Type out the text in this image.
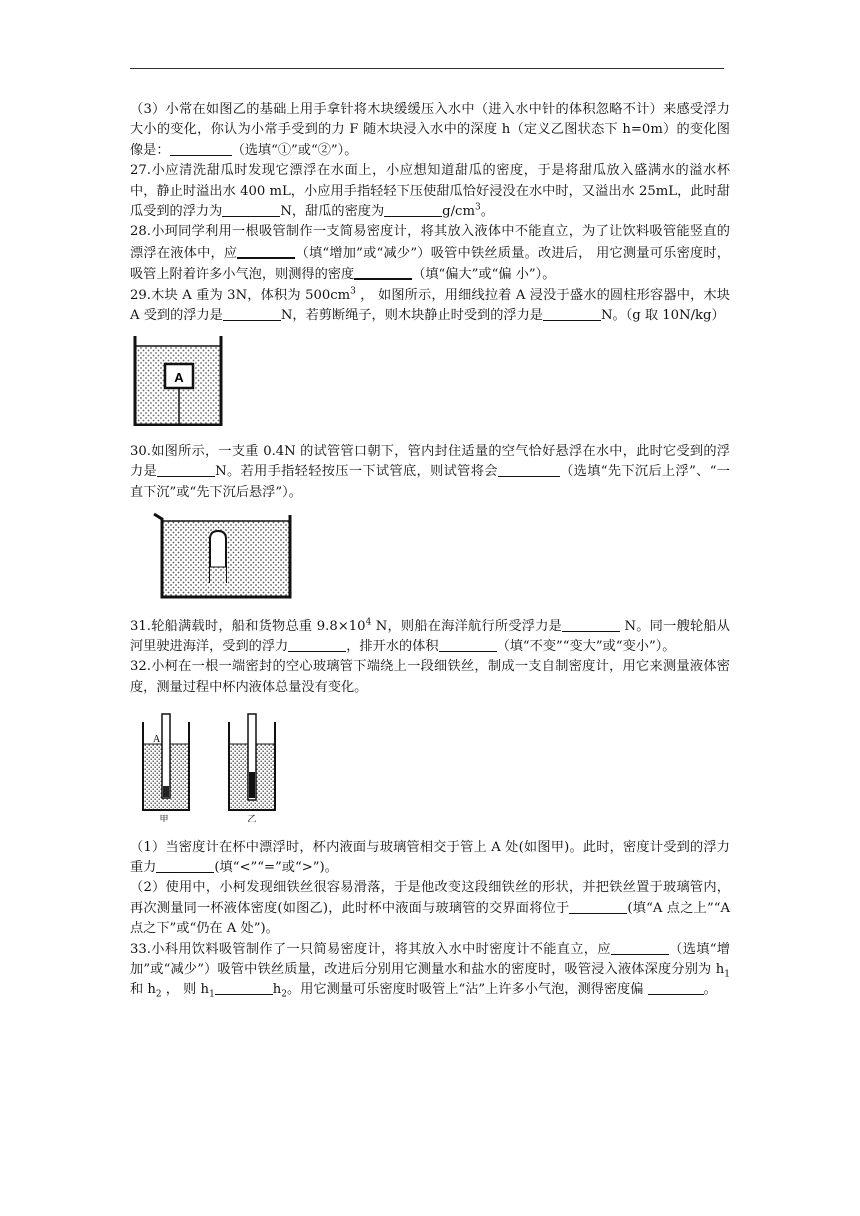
（3）小常在如图乙的基础上用手拿针将木块缓缓压入水中（进入水中针的体积忽略不计）来感受浮力大小的变化，你认为小常手受到的力 F 随木块浸入水中的深度 h（定义乙图状态下 h=0m）的变化图像是：	（选填“①”或“②”）。

27.小应清洗甜瓜时发现它漂浮在水面上，小应想知道甜瓜的密度，于是将甜瓜放入盛满水的溢水杯中，静止时溢出水 400 mL，小应用手指轻轻下压使甜瓜恰好浸没在水中时，又溢出水 25mL，此时甜瓜受到的浮力为	N，甜瓜的密度为	$g/cm^3$。

28.小珂同学利用一根吸管制作一支简易密度计，将其放入液体中不能直立，为了让饮料吸管能竖直的漂浮在液体中，应	（填“增加”或“减少”）吸管中铁丝质量。改进后， 用它测量可乐密度时，吸管上附着许多小气泡，则测得的密度	（填“偏大”或“偏 小”）。

29.木块 A 重为 3N，体积为 $500cm^3$ ， 如图所示，用细线拉着 A 浸没于盛水的圆柱形容器中，木块 A 受到的浮力是	N，若剪断绳子，则木块静止时受到的浮力是	N。（g 取 10N/kg）

A

30.如图所示，一支重 0.4N 的试管管口朝下，管内封住适量的空气恰好悬浮在水中，此时它受到的浮力是	N。若用手指轻轻按压一下试管底，则试管将会	（选填“先下沉后上浮”、“一直下沉”或“先下沉后悬浮”）。

31.轮船满载时，船和货物总重 $9.8\times 10^4$ N，则船在海洋航行所受浮力是	N。同一艘轮船从河里驶进海洋，受到的浮力	，排开水的体积	（填“不变”“变大”或“变小”）。

32.小柯在一根一端密封的空心玻璃管下端绕上一段细铁丝，制成一支自制密度计，用它来测量液体密度，测量过程中杯内液体总量没有变化。

A
甲	乙

（1）当密度计在杯中漂浮时，杯内液面与玻璃管相交于管上 A 处(如图甲)。此时，密度计受到的浮力重力	(填“<”“=”或“>”)。

（2）使用中，小柯发现细铁丝很容易滑落，于是他改变这段细铁丝的形状，并把铁丝置于玻璃管内，再次测量同一杯液体密度(如图乙)，此时杯中液面与玻璃管的交界面将位于	(填“A 点之上”“A 点之下”或“仍在 A 处”)。

33.小科用饮料吸管制作了一只简易密度计，将其放入水中时密度计不能直立，应	（选填“增加”或“减少”）吸管中铁丝质量，改进后分别用它测量水和盐水的密度时，吸管浸入液体深度分别为 $h_1$ 和 $h_2$ ， 则 $h_1$	$h_2$。用它测量可乐密度时吸管上“沾”上许多小气泡，测得密度偏	。
